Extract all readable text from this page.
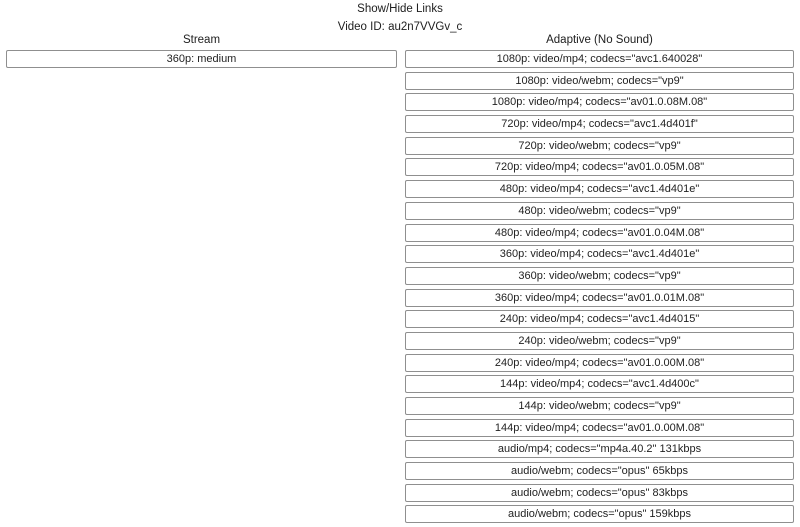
Show/Hide Links
Video ID: au2n7VVGv_c
Stream	Adaptive (No Sound)
360p: medium	1080p: video/mp4; codecs="avc1.640028"
1080p: video/webm; codecs="vp9"
1080p: video/mp4; codecs="av01.0.08M.08"
720p: video/mp4; codecs="avc1.4d401f"
720p: video/webm; codecs="vp9"
720p: video/mp4; codecs="av01.0.05M.08"
480p: video/mp4; codecs="avc1.4d401e"
480p: video/webm; codecs="vp9"
480p: video/mp4; codecs="av01.0.04M.08"
360p: video/mp4; codecs="avc1.4d401e"
360p: video/webm; codecs="vp9"
360p: video/mp4; codecs="av01.0.01M.08"
240p: video/mp4; codecs="avc1.4d4015"
240p: video/webm; codecs="vp9"
240p: video/mp4; codecs="av01.0.00M.08"
144p: video/mp4; codecs="avc1.4d400c"
144p: video/webm; codecs="vp9"
144p: video/mp4; codecs="av01.0.00M.08"
audio/mp4; codecs="mp4a.40.2" 131kbps
audio/webm; codecs="opus" 65kbps
audio/webm; codecs="opus" 83kbps
audio/webm; codecs="opus" 159kbps
